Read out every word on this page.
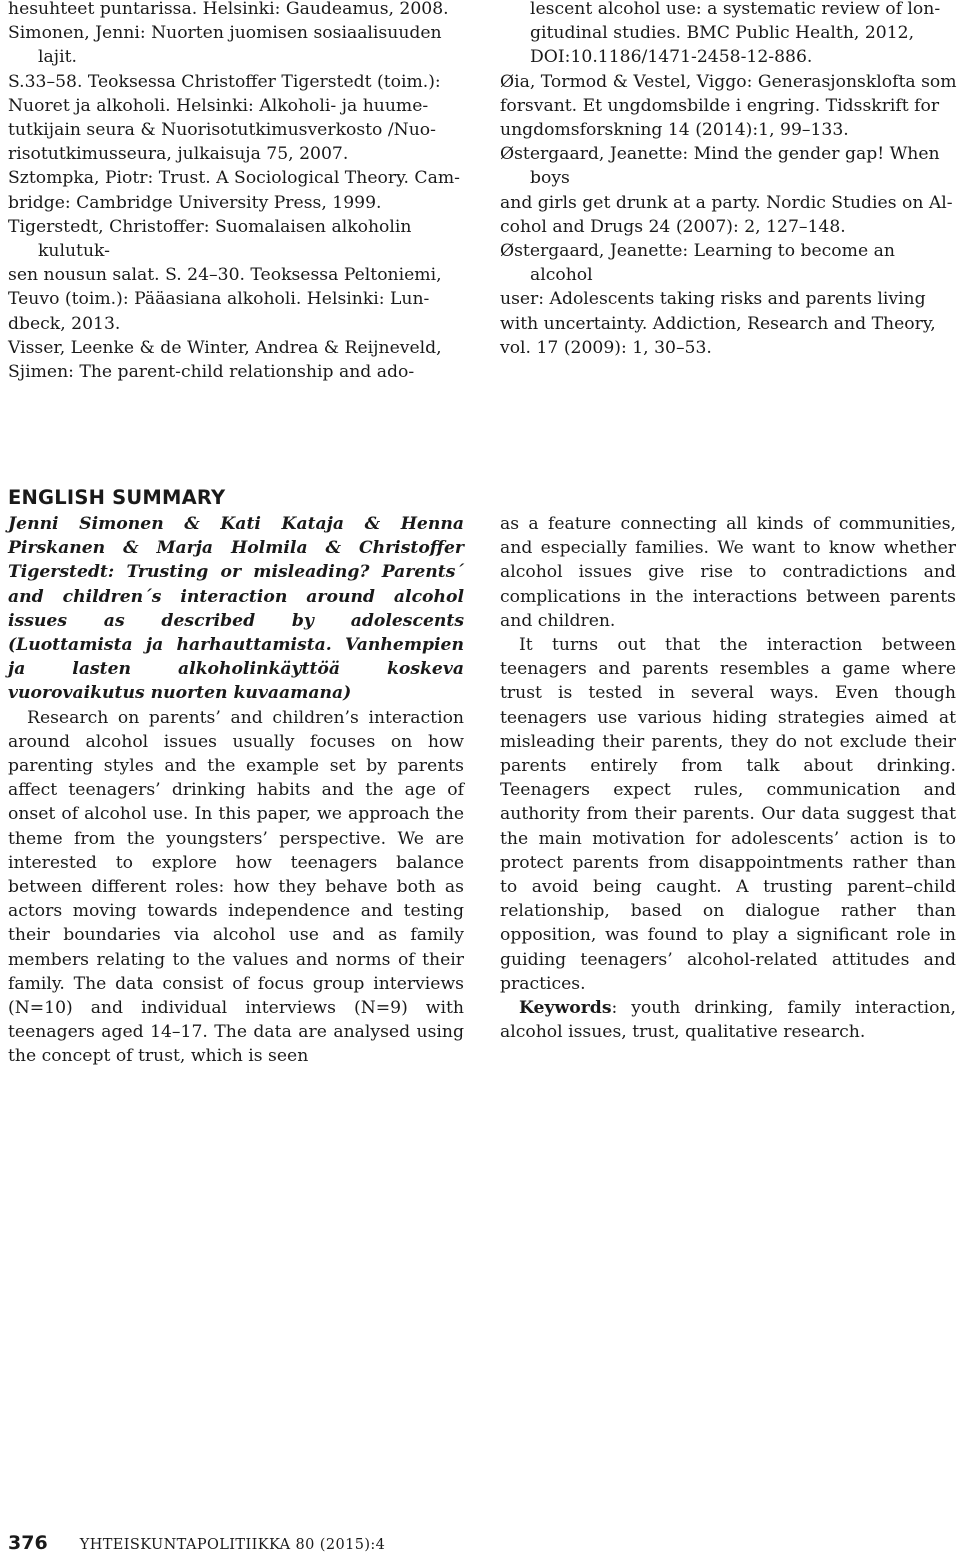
hesuhteet puntarissa. Helsinki: Gaudeamus, 2008.

Simonen, Jenni: Nuorten juomisen sosiaalisuuden lajit.
S.33–58. Teoksessa Christoffer Tigerstedt (toim.):
Nuoret ja alkoholi. Helsinki: Alkoholi- ja huume-
tutkijain seura & Nuorisotutkimusverkosto /Nuo-
risotutkimusseura, julkaisuja 75, 2007.

Sztompka, Piotr: Trust. A Sociological Theory. Cam-
bridge: Cambridge University Press, 1999.

Tigerstedt, Christoffer: Suomalaisen alkoholin kulutuk-
sen nousun salat. S. 24–30. Teoksessa Peltoniemi,
Teuvo (toim.): Pääasiana alkoholi. Helsinki: Lun-
dbeck, 2013.

Visser, Leenke & de Winter, Andrea & Reijneveld,
Sjimen: The parent-child relationship and ado-

lescent alcohol use: a systematic review of lon-
gitudinal studies. BMC Public Health, 2012,
DOI:10.1186/1471-2458-12-886.

Øia, Tormod & Vestel, Viggo: Generasjonsklofta som
forsvant. Et ungdomsbilde i engring. Tidsskrift for
ungdomsforskning 14 (2014):1, 99–133.

Østergaard, Jeanette: Mind the gender gap! When boys
and girls get drunk at a party. Nordic Studies on Al-
cohol and Drugs 24 (2007): 2, 127–148.

Østergaard, Jeanette: Learning to become an alcohol
user: Adolescents taking risks and parents living
with uncertainty. Addiction, Research and Theory,
vol. 17 (2009): 1, 30–53.

ENGLISH SUMMARY

Jenni Simonen & Kati Kataja & Henna Pirskanen & Marja Holmila & Christoffer Tigerstedt: Trusting or misleading? Parents´ and children´s interaction around alcohol issues as described by adolescents (Luottamista ja harhauttamista. Vanhempien ja lasten alkoholinkäyttöä koskeva vuorovaikutus nuorten kuvaamana)

Research on parents’ and children’s interaction around alcohol issues usually focuses on how parenting styles and the example set by parents affect teenagers’ drinking habits and the age of onset of alcohol use. In this paper, we approach the theme from the youngsters’ perspective. We are interested to explore how teenagers balance between different roles: how they behave both as actors moving towards independence and testing their boundaries via alcohol use and as family members relating to the values and norms of their family. The data consist of focus group interviews (N=10) and individual interviews (N=9) with teenagers aged 14–17. The data are analysed using the concept of trust, which is seen

as a feature connecting all kinds of communities, and especially families. We want to know whether alcohol issues give rise to contradictions and complications in the interactions between parents and children.

It turns out that the interaction between teenagers and parents resembles a game where trust is tested in several ways. Even though teenagers use various hiding strategies aimed at misleading their parents, they do not exclude their parents entirely from talk about drinking. Teenagers expect rules, communication and authority from their parents. Our data suggest that the main motivation for adolescents’ action is to protect parents from disappointments rather than to avoid being caught. A trusting parent–child relationship, based on dialogue rather than opposition, was found to play a significant role in guiding teenagers’ alcohol-related attitudes and practices.

Keywords: youth drinking, family interaction, alcohol issues, trust, qualitative research.

376 YHTEISKUNTAPOLITIIKKA 80 (2015):4
